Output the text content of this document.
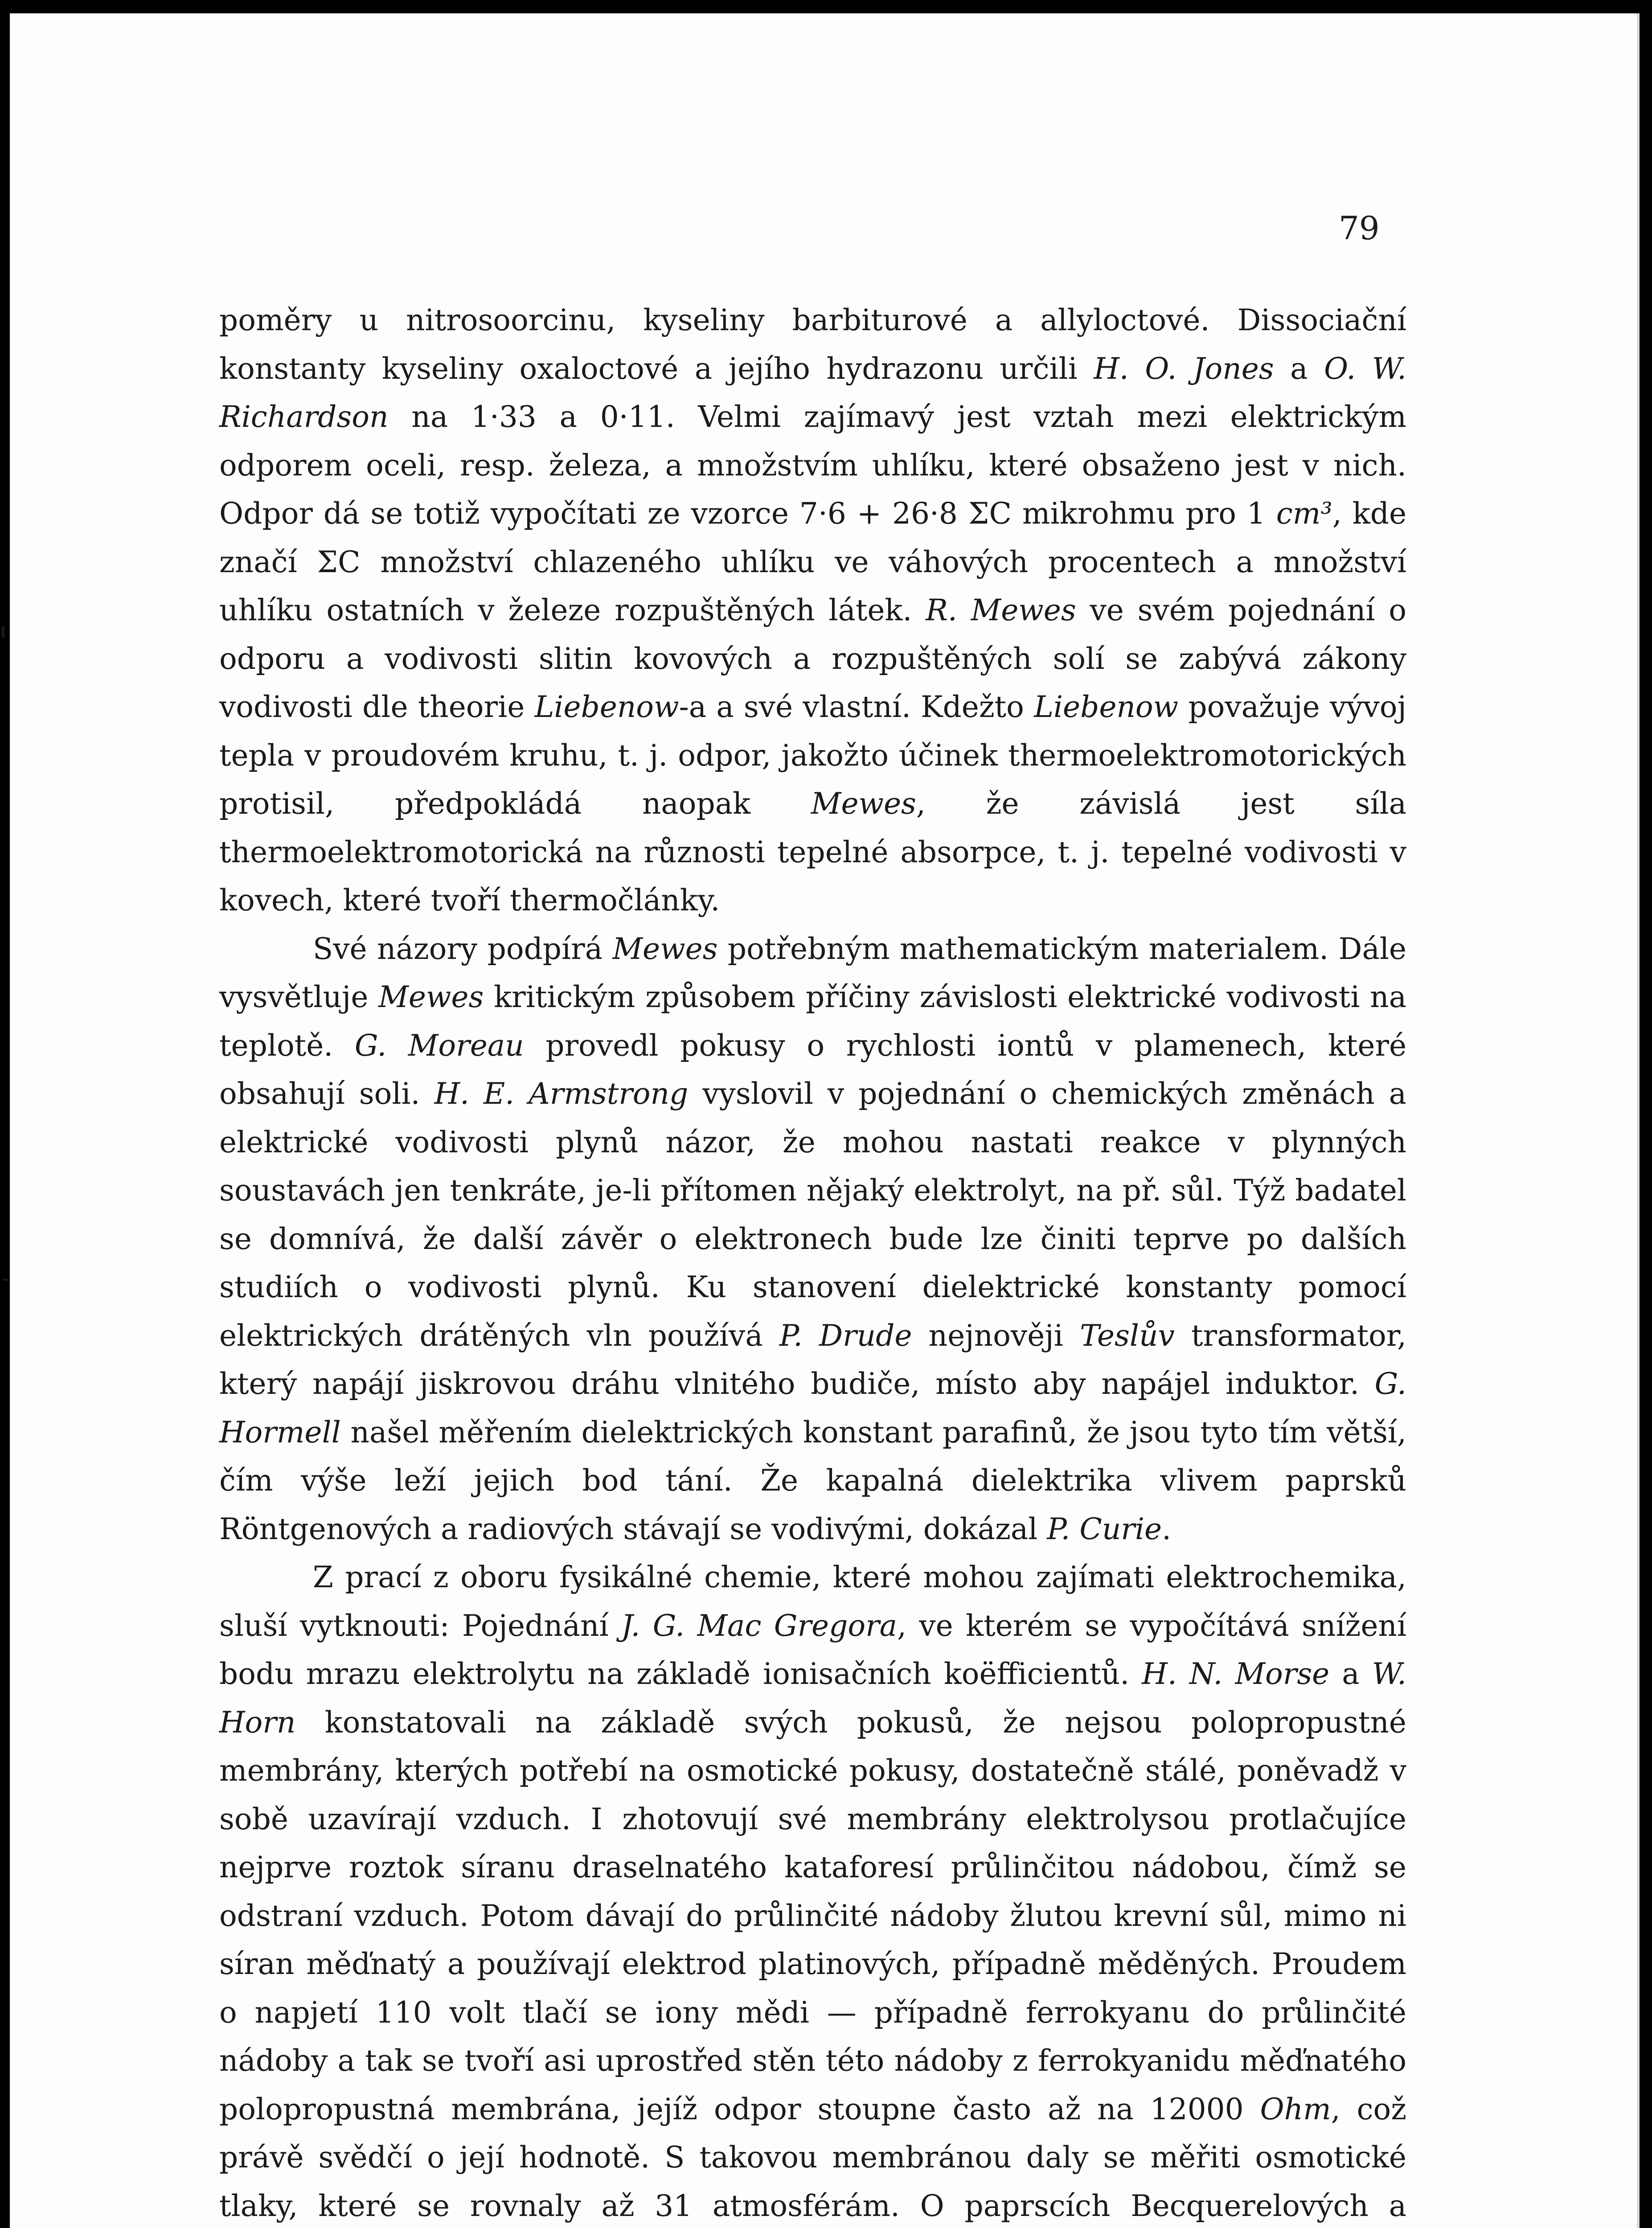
79

poměry u nitrosoorcinu, kyseliny barbiturové a allyloctové. Dissociační konstanty kyseliny oxaloctové a jejího hydrazonu určili H. O. Jones a O. W. Richardson na 1·33 a 0·11. Velmi zajímavý jest vztah mezi elektrickým odporem oceli, resp. železa, a množstvím uhlíku, které obsaženo jest v nich. Odpor dá se totiž vypočítati ze vzorce 7·6 + 26·8 ΣC mikrohmu pro 1 cm³, kde značí ΣC množství chlazeného uhlíku ve váhových procentech a množství uhlíku ostatních v železe rozpuštěných látek. R. Mewes ve svém pojednání o odporu a vodivosti slitin kovových a rozpuštěných solí se zabývá zákony vodivosti dle theorie Liebenow-a a své vlastní. Kdežto Liebenow považuje vývoj tepla v proudovém kruhu, t. j. odpor, jakožto účinek thermoelektromotorických protisil, předpokládá naopak Mewes, že závislá jest síla thermoelektromotorická na různosti tepelné absorpce, t. j. tepelné vodivosti v kovech, které tvoří thermočlánky.

Své názory podpírá Mewes potřebným mathematickým materialem. Dále vysvětluje Mewes kritickým způsobem příčiny závislosti elektrické vodivosti na teplotě. G. Moreau provedl pokusy o rychlosti iontů v plamenech, které obsahují soli. H. E. Armstrong vyslovil v pojednání o chemických změnách a elektrické vodivosti plynů názor, že mohou nastati reakce v plynných soustavách jen tenkráte, je-li přítomen nějaký elektrolyt, na př. sůl. Týž badatel se domnívá, že další závěr o elektronech bude lze činiti teprve po dalších studiích o vodivosti plynů. Ku stanovení dielektrické konstanty pomocí elektrických drátěných vln používá P. Drude nejnověji Teslův transformator, který napájí jiskrovou dráhu vlnitého budiče, místo aby napájel induktor. G. Hormell našel měřením dielektrických konstant parafinů, že jsou tyto tím větší, čím výše leží jejich bod tání. Že kapalná dielektrika vlivem paprsků Röntgenových a radiových stávají se vodivými, dokázal P. Curie.

Z prací z oboru fysikálné chemie, které mohou zajímati elektrochemika, sluší vytknouti: Pojednání J. G. Mac Gregora, ve kterém se vypočítává snížení bodu mrazu elektrolytu na základě ionisačních koëfficientů. H. N. Morse a W. Horn konstatovali na základě svých pokusů, že nejsou polopropustné membrány, kterých potřebí na osmotické pokusy, dostatečně stálé, poněvadž v sobě uzavírají vzduch. I zhotovují své membrány elektrolysou protlačujíce nejprve roztok síranu draselnatého kataforesí průlinčitou nádobou, čímž se odstraní vzduch. Potom dávají do průlinčité nádoby žlutou krevní sůl, mimo ni síran měďnatý a používají elektrod platinových, případně měděných. Proudem o napjetí 110 volt tlačí se iony mědi — případně ferrokyanu do průlinčité nádoby a tak se tvoří asi uprostřed stěn této nádoby z ferrokyanidu měďnatého polopropustná membrána, jejíž odpor stoupne často až na 12000 Ohm, což právě svědčí o její hodnotě. S takovou membránou daly se měřiti osmotické tlaky, které se rovnaly až 31 atmosférám. O paprscích Becquerelových a
